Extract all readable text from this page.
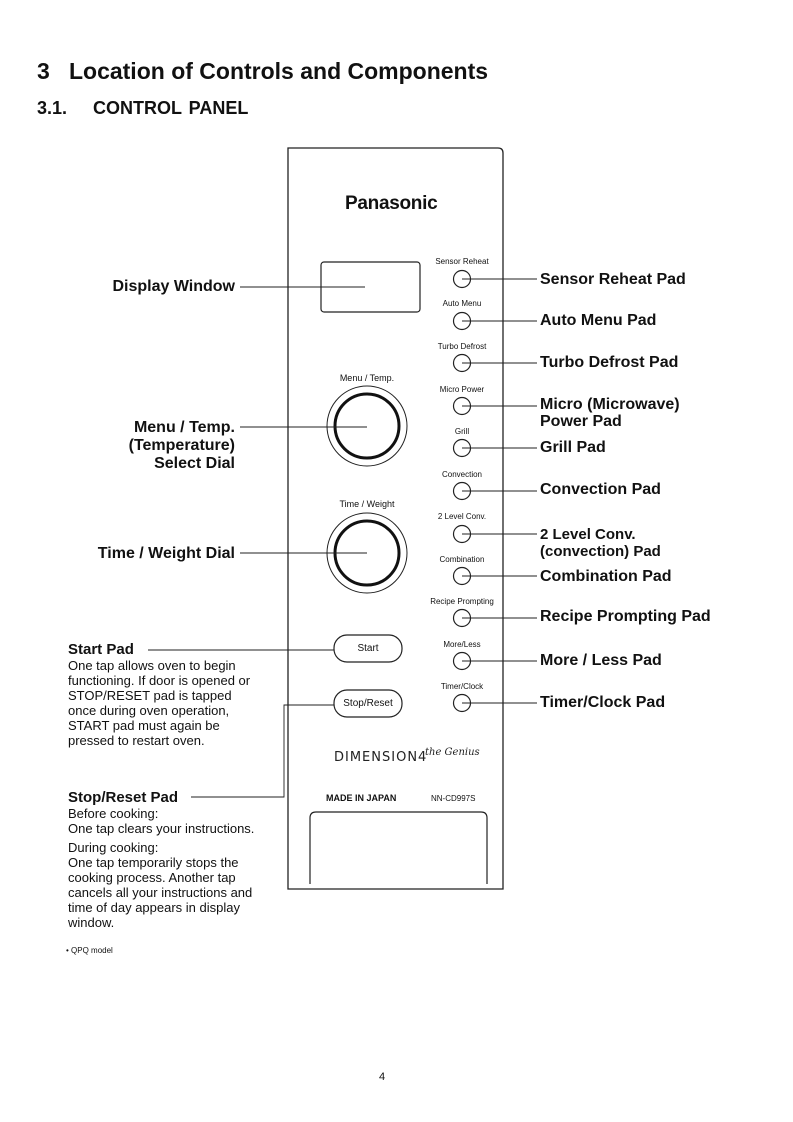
3 Location of Controls and Components
3.1. CONTROL PANEL
Panasonic
Menu / Temp.
Time / Weight
Start
Stop/Reset
DIMENSION4
the Genius
MADE IN JAPAN	NN-CD997S
Sensor Reheat
Auto Menu
Turbo Defrost
Micro Power
Grill
Convection
2 Level Conv.
Combination
Recipe Prompting
More/Less
Timer/Clock
Sensor Reheat Pad
Auto Menu Pad
Turbo Defrost Pad
Micro (Microwave)
Power Pad
Grill Pad
Convection Pad
2 Level Conv.
(convection) Pad
Combination Pad
Recipe Prompting Pad
More / Less Pad
Timer/Clock Pad
Display Window
Menu / Temp.
(Temperature)
Select Dial
Time / Weight Dial
Start Pad
One tap allows oven to begin functioning. If door is opened or STOP/RESET pad is tapped once during oven operation, START pad must again be pressed to restart oven.
Stop/Reset Pad
Before cooking:
One tap clears your instructions.
During cooking:
One tap temporarily stops the cooking process. Another tap cancels all your instructions and time of day appears in display window.
• QPQ model
4
